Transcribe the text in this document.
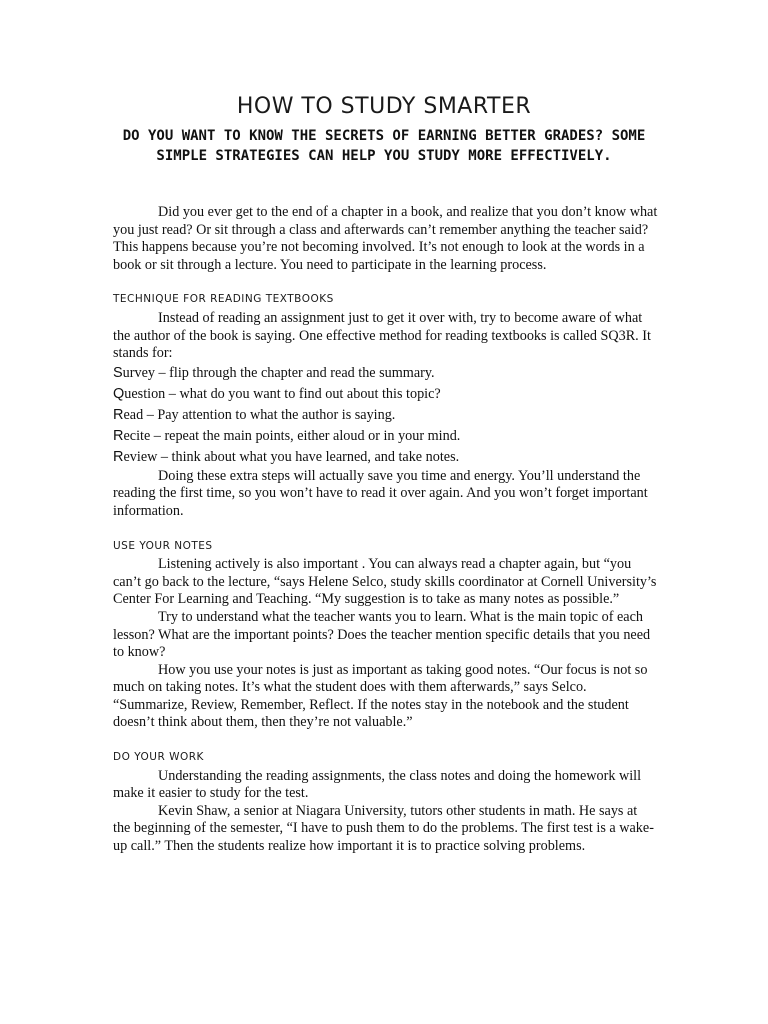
HOW TO STUDY SMARTER
DO YOU WANT TO KNOW THE SECRETS OF EARNING BETTER GRADES? SOME SIMPLE STRATEGIES CAN HELP YOU STUDY MORE EFFECTIVELY.

Did you ever get to the end of a chapter in a book, and realize that you don’t know what you just read? Or sit through a class and afterwards can’t remember anything the teacher said? This happens because you’re not becoming involved. It’s not enough to look at the words in a book or sit through a lecture. You need to participate in the learning process.

TECHNIQUE FOR READING TEXTBOOKS

Instead of reading an assignment just to get it over with, try to become aware of what the author of the book is saying. One effective method for reading textbooks is called SQ3R. It stands for:

Survey – flip through the chapter and read the summary.

Question – what do you want to find out about this topic?

Read – Pay attention to what the author is saying.

Recite – repeat the main points, either aloud or in your mind.

Review – think about what you have learned, and take notes.

Doing these extra steps will actually save you time and energy. You’ll understand the reading the first time, so you won’t have to read it over again. And you won’t forget important information.

USE YOUR NOTES

Listening actively is also important . You can always read a chapter again, but “you can’t go back to the lecture, “says Helene Selco, study skills coordinator at Cornell University’s Center For Learning and Teaching. “My suggestion is to take as many notes as possible.”

Try to understand what the teacher wants you to learn. What is the main topic of each lesson? What are the important points? Does the teacher mention specific details that you need to know?

How you use your notes is just as important as taking good notes. “Our focus is not so much on taking notes. It’s what the student does with them afterwards,” says Selco. “Summarize, Review, Remember, Reflect. If the notes stay in the notebook and the student doesn’t think about them, then they’re not valuable.”

DO YOUR WORK

Understanding the reading assignments, the class notes and doing the homework will make it easier to study for the test.

Kevin Shaw, a senior at Niagara University, tutors other students in math. He says at the beginning of the semester, “I have to push them to do the problems. The first test is a wake-up call.” Then the students realize how important it is to practice solving problems.
